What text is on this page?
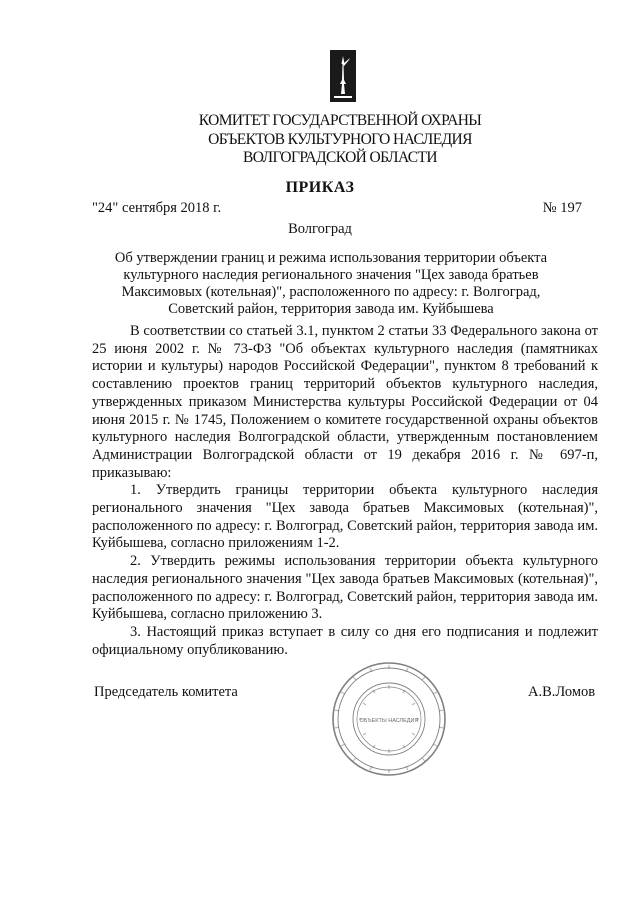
КОМИТЕТ ГОСУДАРСТВЕННОЙ ОХРАНЫ
ОБЪЕКТОВ КУЛЬТУРНОГО НАСЛЕДИЯ
ВОЛГОГРАДСКОЙ ОБЛАСТИ
ПРИКАЗ
"24" сентября 2018 г.	№ 197
Волгоград
Об утверждении границ и режима использования территории объекта культурного наследия регионального значения "Цех завода братьев Максимовых (котельная)", расположенного по адресу: г. Волгоград, Советский район, территория завода им. Куйбышева

В соответствии со статьей 3.1, пунктом 2 статьи 33 Федерального закона от 25 июня 2002 г. № 73-ФЗ "Об объектах культурного наследия (памятниках истории и культуры) народов Российской Федерации", пунктом 8 требований к составлению проектов границ территорий объектов культурного наследия, утвержденных приказом Министерства культуры Российской Федерации от 04 июня 2015 г. № 1745, Положением о комитете государственной охраны объектов культурного наследия Волгоградской области, утвержденным постановлением Администрации Волгоградской области от 19 декабря 2016 г. № 697-п, приказываю:

1. Утвердить границы территории объекта культурного наследия регионального значения "Цех завода братьев Максимовых (котельная)", расположенного по адресу: г. Волгоград, Советский район, территория завода им. Куйбышева, согласно приложениям 1-2.

2. Утвердить режимы использования территории объекта культурного наследия регионального значения "Цех завода братьев Максимовых (котельная)", расположенного по адресу: г. Волгоград, Советский район, территория завода им. Куйбышева, согласно приложению 3.

3. Настоящий приказ вступает в силу со дня его подписания и подлежит официальному опубликованию.

Председатель комитета	А.В.Ломов
ОБЪЕКТЫ НАСЛЕДИЯ
